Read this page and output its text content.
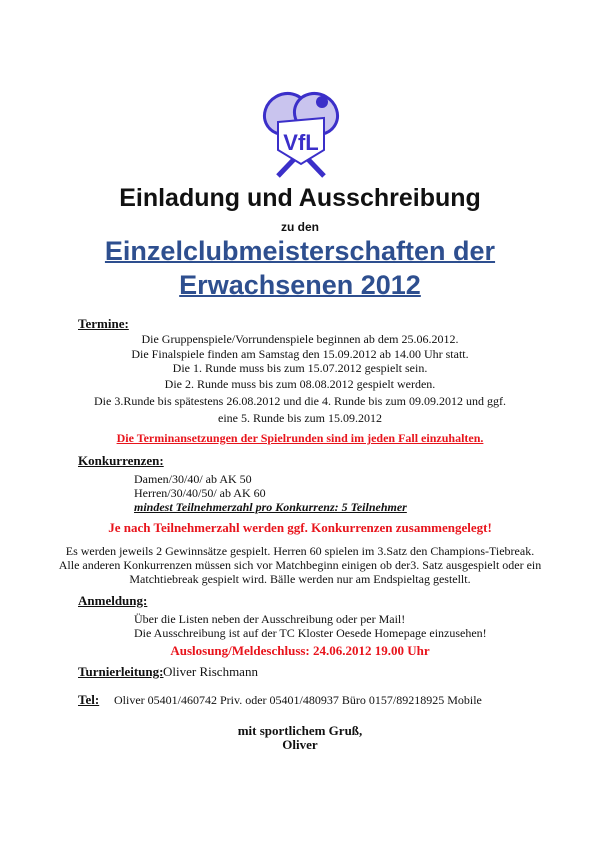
VfL
Einladung und Ausschreibung
zu den
Einzelclubmeisterschaften der
Erwachsenen 2012
Termine:
Die Gruppenspiele/Vorrundenspiele beginnen ab dem 25.06.2012.
Die Finalspiele finden am Samstag den 15.09.2012 ab 14.00 Uhr statt.
Die 1. Runde muss bis zum 15.07.2012 gespielt sein.
Die 2. Runde muss bis zum 08.08.2012 gespielt werden.
Die 3.Runde bis spätestens 26.08.2012 und die 4. Runde bis zum 09.09.2012 und ggf.
eine 5. Runde bis zum 15.09.2012
Die Terminansetzungen der Spielrunden sind im jeden Fall einzuhalten.
Konkurrenzen:
Damen/30/40/ ab AK 50
Herren/30/40/50/ ab AK 60
mindest Teilnehmerzahl pro Konkurrenz: 5 Teilnehmer
Je nach Teilnehmerzahl werden ggf. Konkurrenzen zusammengelegt!
Es werden jeweils 2 Gewinnsätze gespielt. Herren 60 spielen im 3.Satz den Champions-Tiebreak.
Alle anderen Konkurrenzen müssen sich vor Matchbeginn einigen ob der3. Satz ausgespielt oder ein
Matchtiebreak gespielt wird. Bälle werden nur am Endspieltag gestellt.
Anmeldung:
Über die Listen neben der Ausschreibung oder per Mail!
Die Ausschreibung ist auf der TC Kloster Oesede Homepage einzusehen!
Auslosung/Meldeschluss: 24.06.2012 19.00 Uhr
Turnierleitung: Oliver Rischmann
Tel: Oliver 05401/460742 Priv. oder 05401/480937 Büro 0157/89218925 Mobile
mit sportlichem Gruß,
Oliver
